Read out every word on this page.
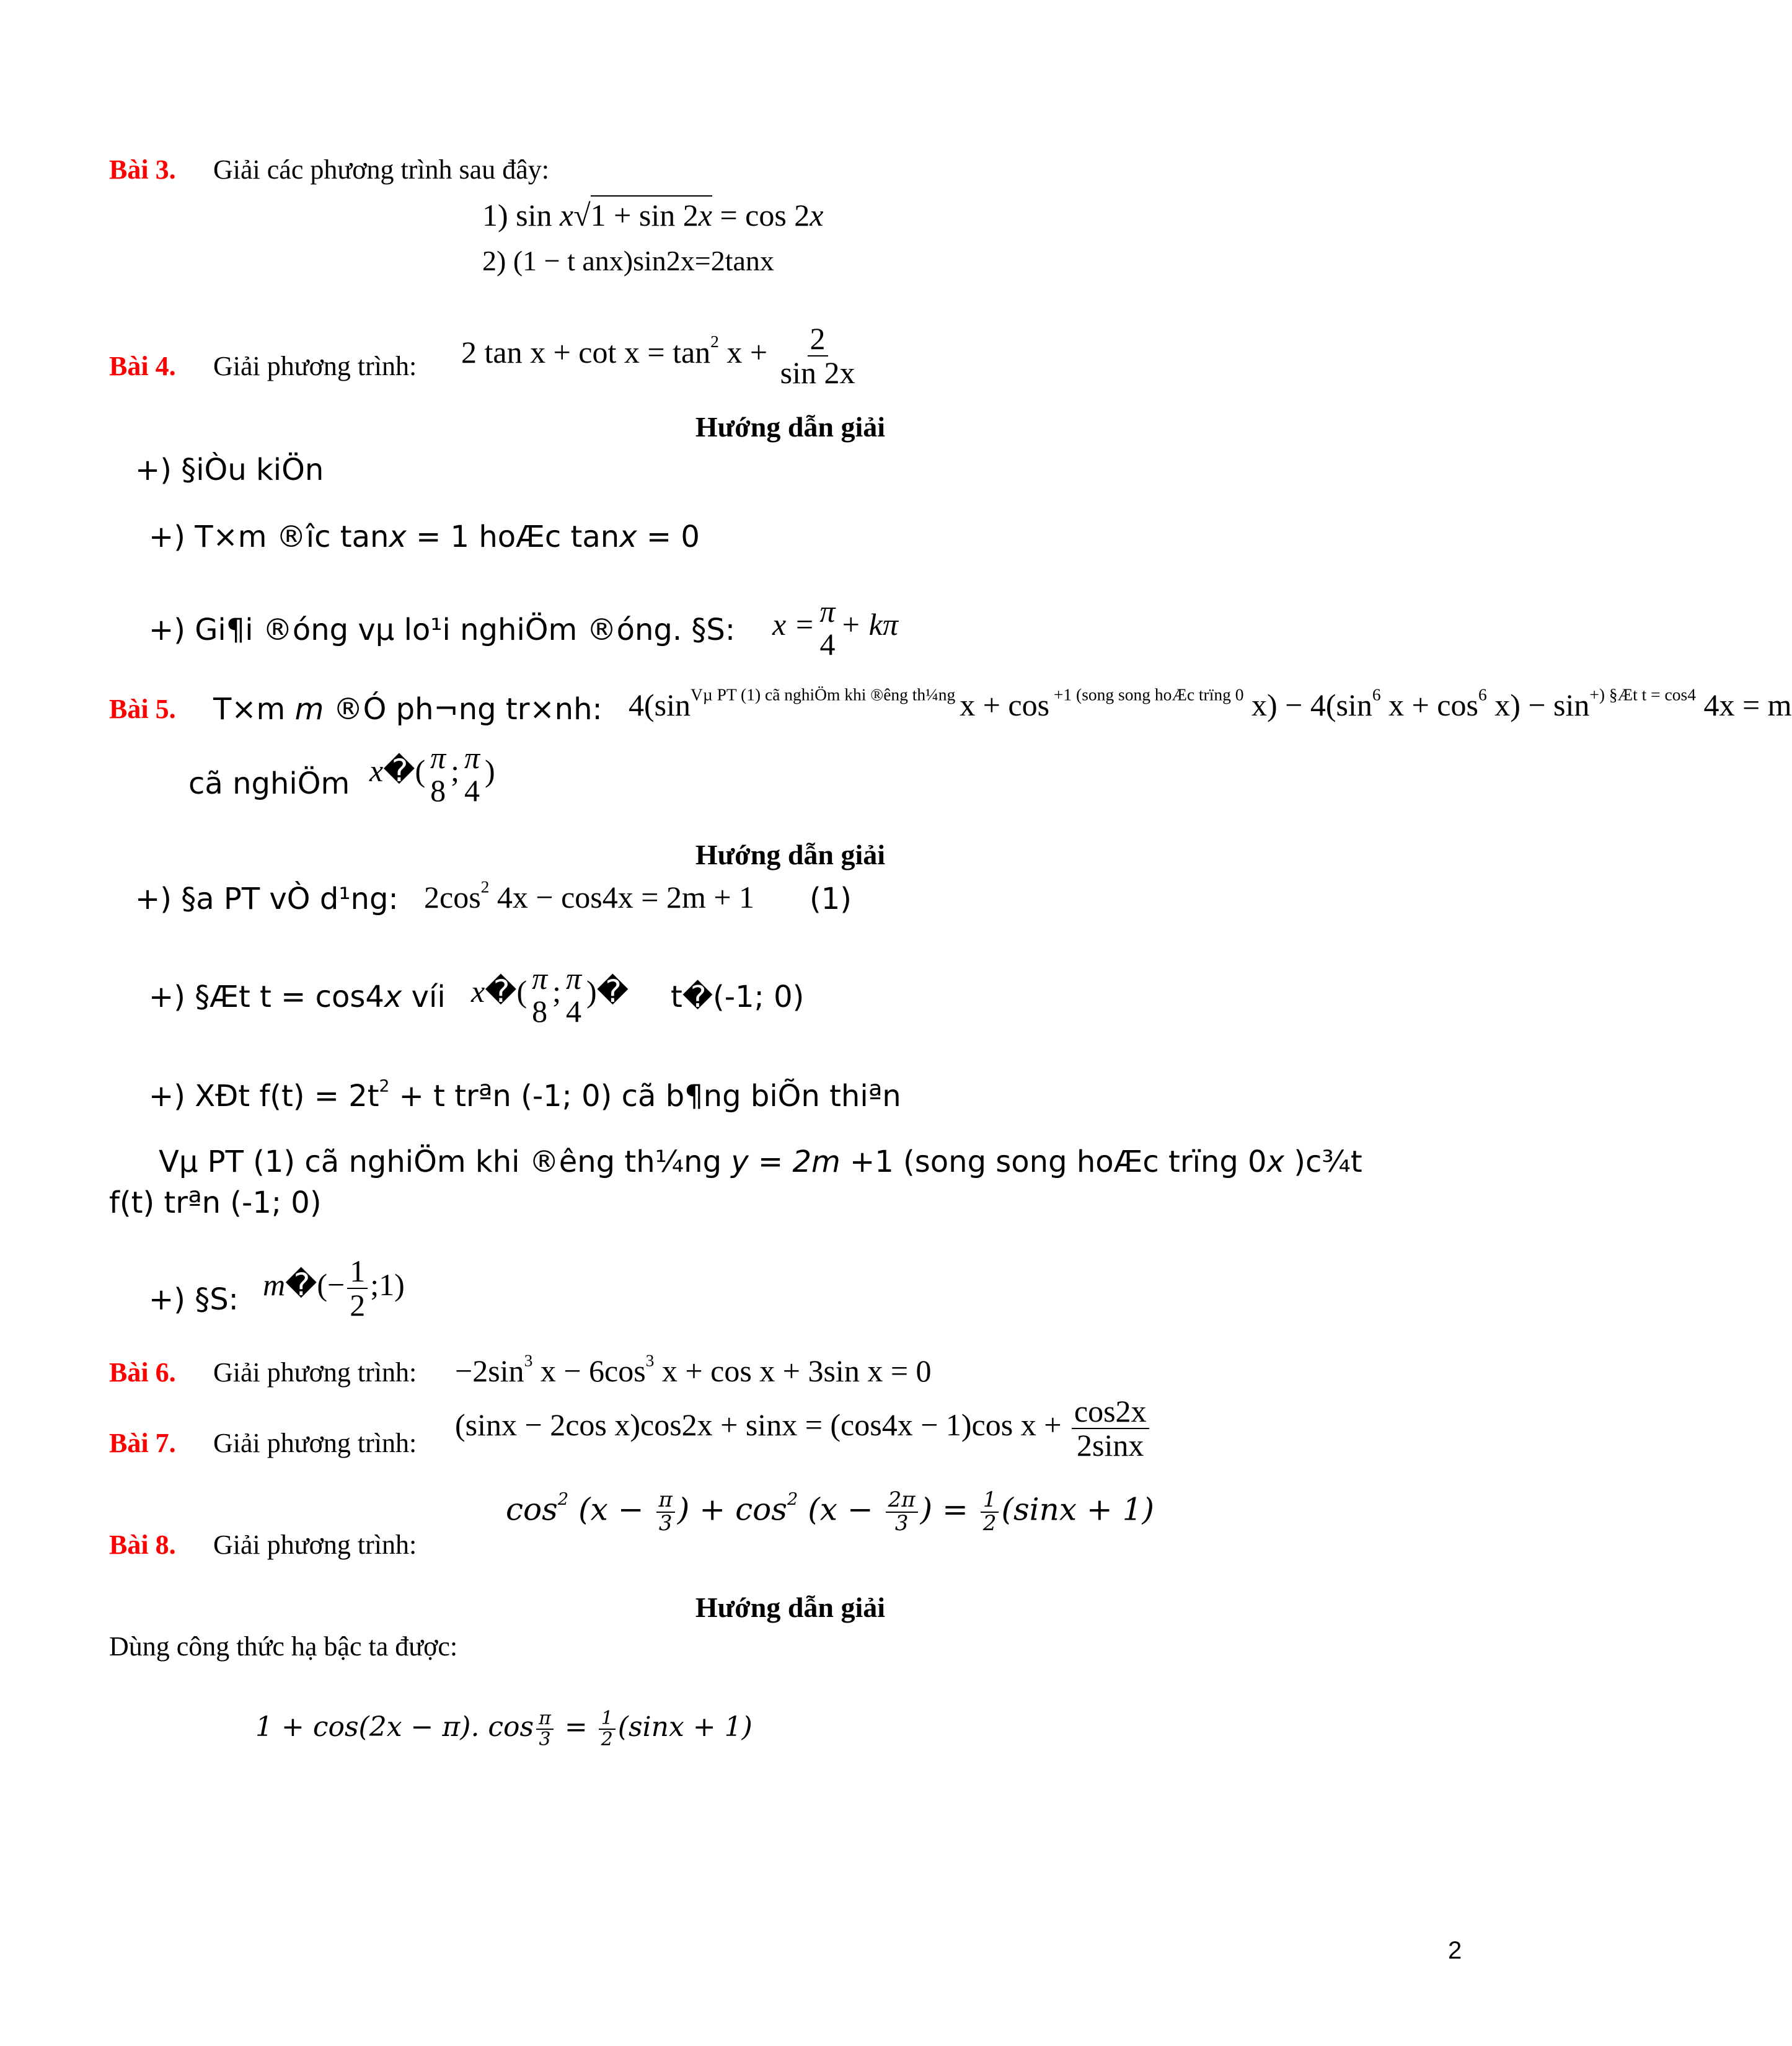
Bài 3. Giải các phương trình sau đây:
1) sin x√1 + sin 2x = cos 2x
2) (1 − t anx)sin2x=2tanx
Bài 4. Giải phương trình: 2 $\tan x + \cot x = \tan^2 x + \frac{2}{\sin 2x}$
Hướng dẫn giải
+) §iÒu kiÖn
+) T×m ®îc tanx = 1 hoÆc tanx = 0
+) Gi¶i ®óng vµ lo¹i nghiÖm ®óng. §S: x = π
4
+ kπ
Bài 5. T×m m ®Ó ph¬ng tr×nh: $4(\sin^{V\mu PT (1) cã nghiÖm khi ®êng th\frac{1}{4}ng}$ x + cos $^{+1 (song song hoÆc trïng 0}$ $x) - 4(\sin^6$ $x + \cos^6 x) - \sin^{+) \S Æt t = cos4} 4x = m$
cã nghiÖm x�( π
8
; π
4
)
Hướng dẫn giải
+) §a PT vÒ d¹ng: $2\cos^2$ 4x − cos4x = 2m + 1 (1)
+) §Æt t = cos4x víi x�( π
8
; π
4
)� t�(-1; 0)
+) XÐt $f(t) = 2t^2 + t$ trªn (-1; 0) cã b¶ng biÕn thiªn
Vµ PT (1) cã nghiÖm khi ®êng th¼ng y = 2m +1 (song song hoÆc trïng 0x )c¾t
f(t) trªn (-1; 0)
+) §S: m�(− $\frac{1}{2}$ ;1)
Bài 6. Giải phương trình: $-2\sin^3$ $x - 6\cos^3$ x + cos x + 3sin x = 0
Bài 7. Giải phương trình:
(sinx − 2cos x)cos2x + sinx = (cos4x − 1)cos $x + \frac{\cos 2x}{2\sin x}$
Bài 8. Giải phương trình:
$\cos^2 (x - \frac{\pi}{3}$ ) + $\cos^2 (x - \frac{2\pi}{3}$ ) = $\frac{1}{2} (\sin x + 1)$
Hướng dẫn giải
Dùng công thức hạ bậc ta được:
1 + cos(2x − π). $\cos \frac{\pi}{3} = \frac{1}{2} (\sin x + 1)$
2
